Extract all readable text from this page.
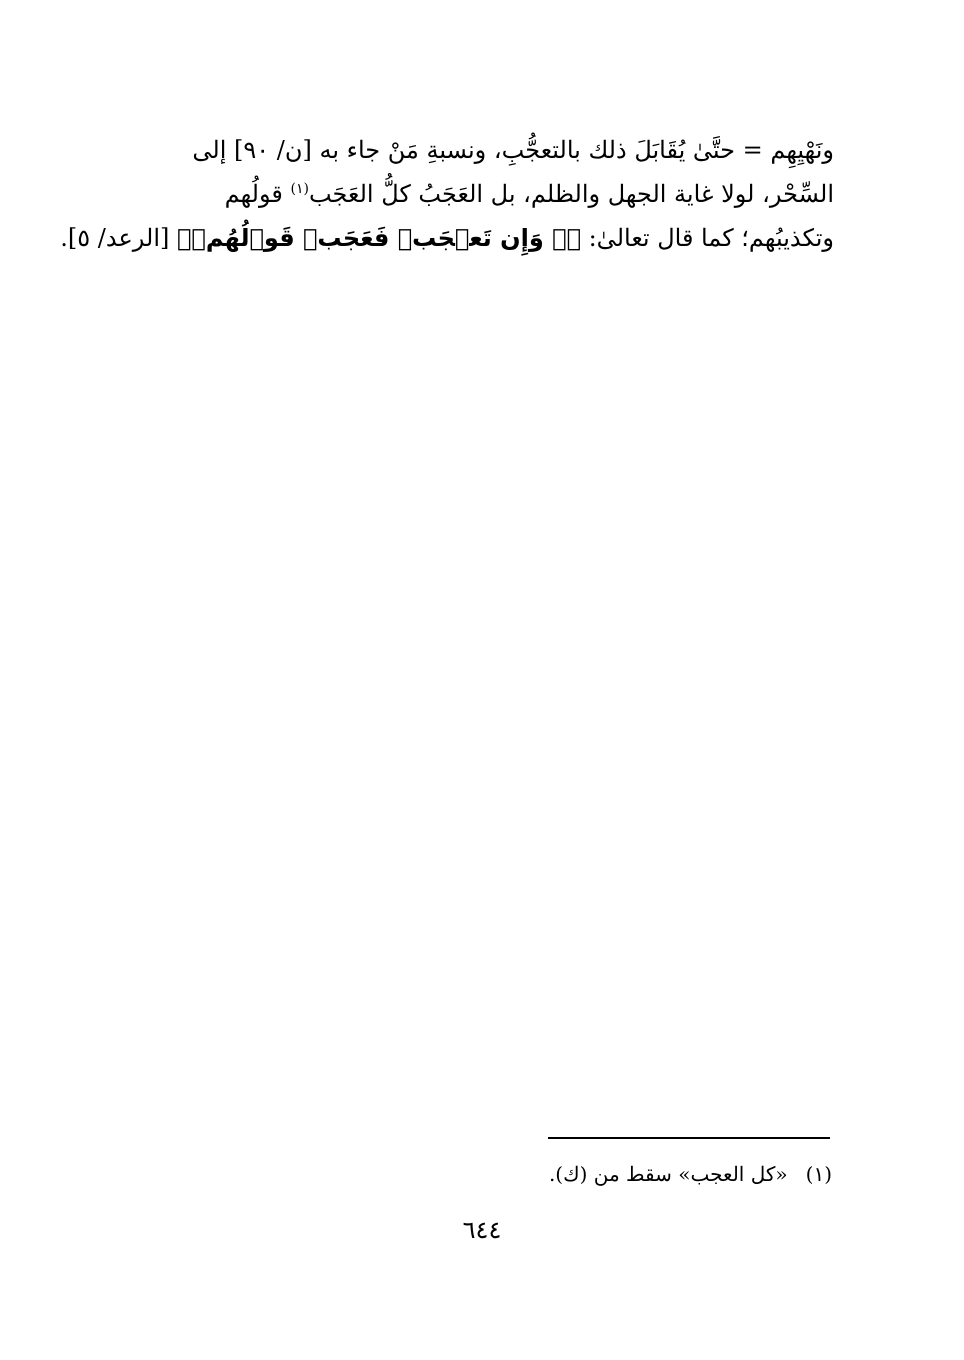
ونَهْيِهِم = حتَّىٰ يُقَابَلَ ذلك بالتعجُّبِ، ونسبةِ مَنْ جاء به [ن/ ٩٠] إلى
السِّحْر، لولا غاية الجهل والظلم، بل العَجَبُ كلُّ العَجَب$^{(١)}$ قولُهم
وتكذيبُهم؛ كما قال تعالىٰ: ﴿۞ وَإِن تَعۡجَبۡ فَعَجَبٞ قَوۡلُهُمۡ﴾ [الرعد/ ٥].
(١)«كل العجب» سقط من (ك).
٦٤٤
